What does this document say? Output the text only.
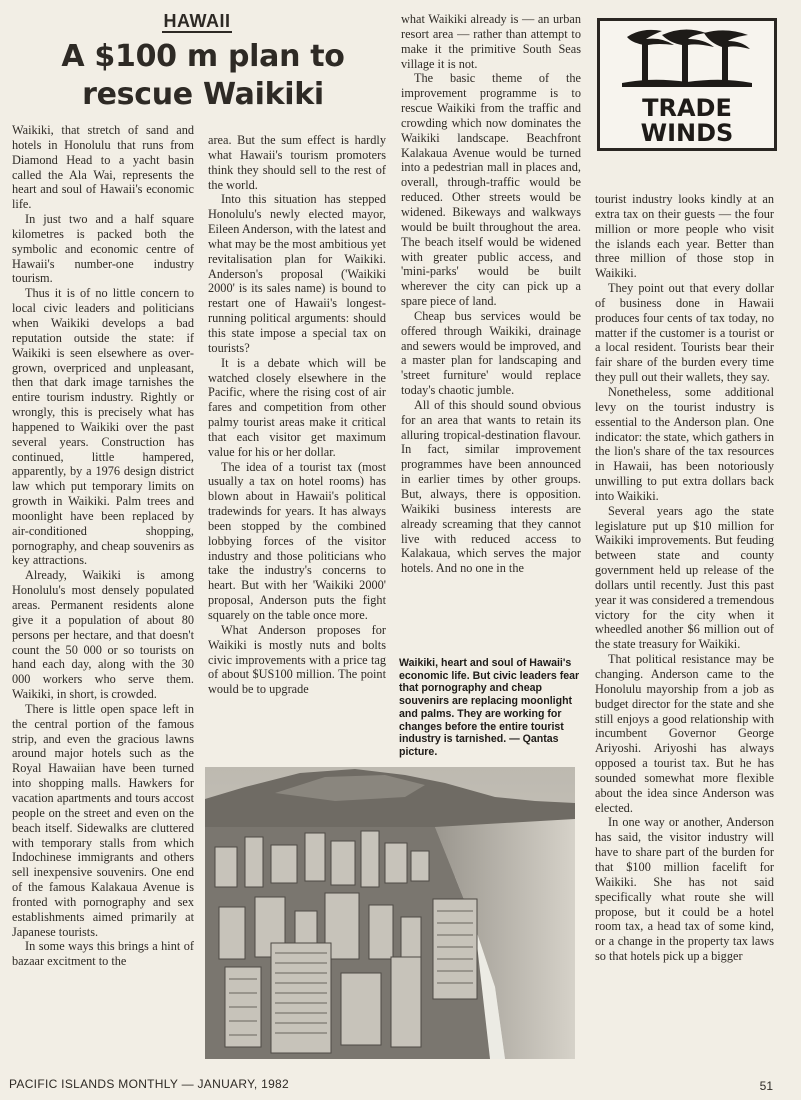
HAWAII
A $100 m plan to rescue Waikiki

Waikiki, that stretch of sand and hotels in Honolulu that runs from Diamond Head to a yacht basin called the Ala Wai, represents the heart and soul of Hawaii's economic life.

In just two and a half square kilometres is packed both the symbolic and economic centre of Hawaii's number-one industry tourism.

Thus it is of no little concern to local civic leaders and politicians when Waikiki develops a bad reputation outside the state: if Waikiki is seen elsewhere as over-grown, overpriced and unpleasant, then that dark image tarnishes the entire tourism industry. Rightly or wrongly, this is precisely what has happened to Waikiki over the past several years. Construction has continued, little hampered, apparently, by a 1976 design district law which put temporary limits on growth in Waikiki. Palm trees and moonlight have been replaced by air-conditioned shopping, pornography, and cheap souvenirs as key attractions.

Already, Waikiki is among Honolulu's most densely populated areas. Permanent residents alone give it a population of about 80 persons per hectare, and that doesn't count the 50 000 or so tourists on hand each day, along with the 30 000 workers who serve them. Waikiki, in short, is crowded.

There is little open space left in the central portion of the famous strip, and even the gracious lawns around major hotels such as the Royal Hawaiian have been turned into shopping malls. Hawkers for vacation apartments and tours accost people on the street and even on the beach itself. Sidewalks are cluttered with temporary stalls from which Indochinese immigrants and others sell inexpensive souvenirs. One end of the famous Kalakaua Avenue is fronted with pornography and sex establishments aimed primarily at Japanese tourists.

In some ways this brings a hint of bazaar excitment to the

area. But the sum effect is hardly what Hawaii's tourism promoters think they should sell to the rest of the world.

Into this situation has stepped Honolulu's newly elected mayor, Eileen Anderson, with the latest and what may be the most ambitious yet revitalisation plan for Waikiki. Anderson's proposal ('Waikiki 2000' is its sales name) is bound to restart one of Hawaii's longest-running political arguments: should this state impose a special tax on tourists?

It is a debate which will be watched closely elsewhere in the Pacific, where the rising cost of air fares and competition from other palmy tourist areas make it critical that each visitor get maximum value for his or her dollar.

The idea of a tourist tax (most usually a tax on hotel rooms) has blown about in Hawaii's political tradewinds for years. It has always been stopped by the combined lobbying forces of the visitor industry and those politicians who take the industry's concerns to heart. But with her 'Waikiki 2000' proposal, Anderson puts the fight squarely on the table once more.

What Anderson proposes for Waikiki is mostly nuts and bolts civic improvements with a price tag of about $US100 million. The point would be to upgrade

what Waikiki already is — an urban resort area — rather than attempt to make it the primitive South Seas village it is not.

The basic theme of the improvement programme is to rescue Waikiki from the traffic and crowding which now dominates the Waikiki landscape. Beachfront Kalakaua Avenue would be turned into a pedestrian mall in places and, overall, through-traffic would be reduced. Other streets would be widened. Bikeways and walkways would be built throughout the area. The beach itself would be widened with greater public access, and 'mini-parks' would be built wherever the city can pick up a spare piece of land.

Cheap bus services would be offered through Waikiki, drainage and sewers would be improved, and a master plan for landscaping and 'street furniture' would replace today's chaotic jumble.

All of this should sound obvious for an area that wants to retain its alluring tropical-destination flavour. In fact, similar improvement programmes have been announced in earlier times by other groups. But, always, there is opposition. Waikiki business interests are already screaming that they cannot live with reduced access to Kalakaua, which serves the major hotels. And no one in the

Waikiki, heart and soul of Hawaii's economic life. But civic leaders fear that pornography and cheap souvenirs are replacing moonlight and palms. They are working for changes before the entire tourist industry is tarnished. — Qantas picture.
TRADE
WINDS

tourist industry looks kindly at an extra tax on their guests — the four million or more people who visit the islands each year. Better than three million of those stop in Waikiki.

They point out that every dollar of business done in Hawaii produces four cents of tax today, no matter if the customer is a tourist or a local resident. Tourists bear their fair share of the burden every time they pull out their wallets, they say.

Nonetheless, some additional levy on the tourist industry is essential to the Anderson plan. One indicator: the state, which gathers in the lion's share of the tax resources in Hawaii, has been notoriously unwilling to put extra dollars back into Waikiki.

Several years ago the state legislature put up $10 million for Waikiki improvements. But feuding between state and county government held up release of the dollars until recently. Just this past year it was considered a tremendous victory for the city when it wheedled another $6 million out of the state treasury for Waikiki.

That political resistance may be changing. Anderson came to the Honolulu mayorship from a job as budget director for the state and she still enjoys a good relationship with incumbent Governor George Ariyoshi. Ariyoshi has always opposed a tourist tax. But he has sounded somewhat more flexible about the idea since Anderson was elected.

In one way or another, Anderson has said, the visitor industry will have to share part of the burden for that $100 million facelift for Waikiki. She has not said specifically what route she will propose, but it could be a hotel room tax, a head tax of some kind, or a change in the property tax laws so that hotels pick up a bigger

PACIFIC ISLANDS MONTHLY — JANUARY, 1982	51
